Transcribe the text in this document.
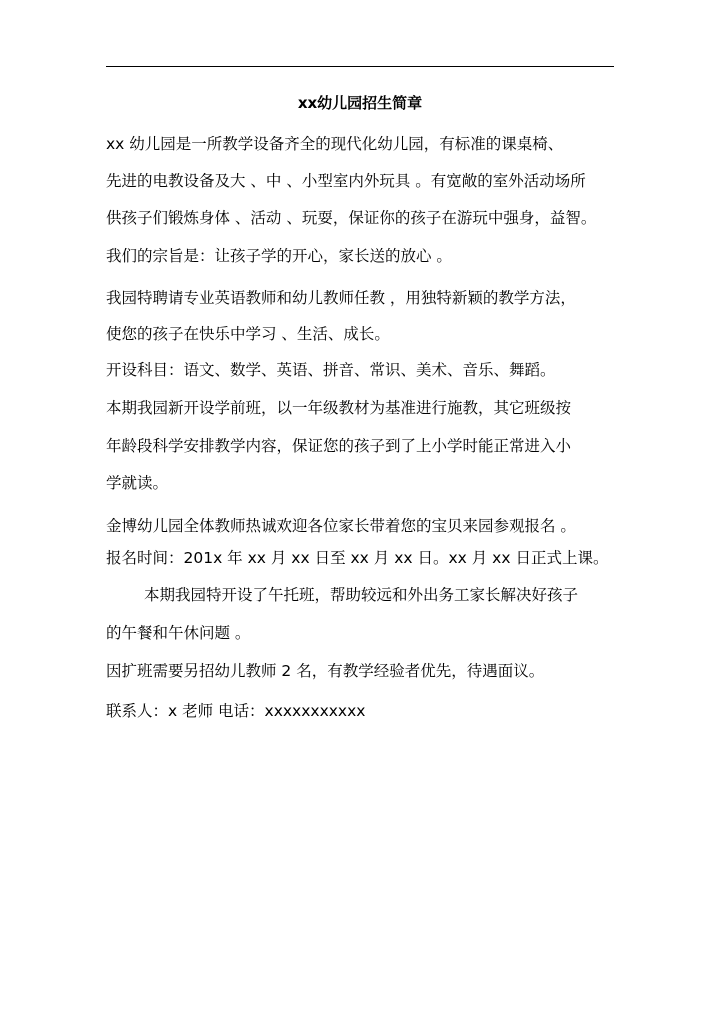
xx幼儿园招生简章
xx 幼儿园是一所教学设备齐全的现代化幼儿园，有标准的课桌椅、
先进的电教设备及大 、中 、小型室内外玩具 。有宽敞的室外活动场所
供孩子们锻炼身体 、活动 、玩耍，保证你的孩子在游玩中强身，益智。
我们的宗旨是：让孩子学的开心，家长送的放心 。
我园特聘请专业英语教师和幼儿教师任教 ，用独特新颖的教学方法，
使您的孩子在快乐中学习 、生活、成长。
开设科目：语文、数学、英语、拼音、常识、美术、音乐、舞蹈。
本期我园新开设学前班，以一年级教材为基准进行施教，其它班级按
年龄段科学安排教学内容，保证您的孩子到了上小学时能正常进入小
学就读。
金博幼儿园全体教师热诚欢迎各位家长带着您的宝贝来园参观报名 。
报名时间：201x 年 xx 月 xx 日至 xx 月 xx 日。xx 月 xx 日正式上课。
本期我园特开设了午托班，帮助较远和外出务工家长解决好孩子
的午餐和午休问题 。
因扩班需要另招幼儿教师 2 名，有教学经验者优先，待遇面议。
联系人：x 老师 电话：xxxxxxxxxxx
